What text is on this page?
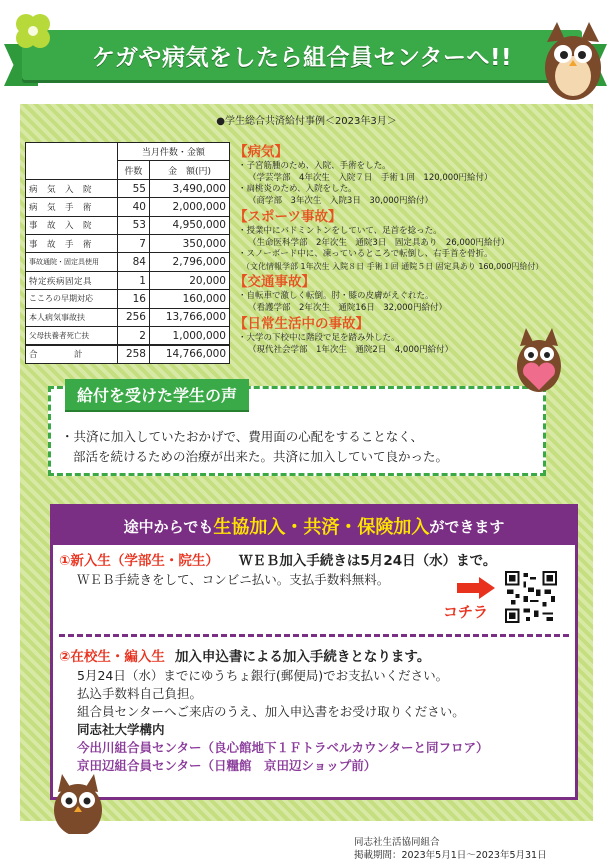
ケガや病気をしたら組合員センターへ!!
●学生総合共済給付事例＜2023年3月＞
	当月件数・金額	
	件数	金　額(円)
病　気　入　院	55	3,490,000
病　気　手　術	40	2,000,000
事　故　入　院	53	4,950,000
事　故　手　術	7	350,000
事故通院・固定具使用	84	2,796,000
特定疾病固定具	1	20,000
こころの早期対応	16	160,000
本人病気事故扶	256	13,766,000
父母扶養者死亡扶	2	1,000,000
合　　　　計	258	14,766,000
【病気】
・子宮筋腫のため、入院、手術をした。
（学芸学部　4年次生　入院７日　手術１回　120,000円給付）
・扁桃炎のため、入院をした。
（商学部　3年次生　入院3日　30,000円給付）
【スポーツ事故】
・授業中にバドミントンをしていて、足首を捻った。
（生命医科学部　2年次生　通院3日　固定具あり　26,000円給付）
・スノーボード中に、凍っているところで転倒し、右手首を骨折。
（文化情報学部 1年次生 入院８日 手術１回 通院５日 固定具あり 160,000円給付）
【交通事故】
・自転車で激しく転倒。肘・膝の皮膚がえぐれた。
（看護学部　2年次生　通院16日　32,000円給付）
【日常生活中の事故】
・大学の下校中に階段で足を踏み外した。
（現代社会学部　1年次生　通院2日　4,000円給付）
給付を受けた学生の声
・共済に加入していたおかげで、費用面の心配をすることなく、
部活を続けるための治療が出来た。共済に加入していて良かった。
途中からでも 生協加入・共済・保険加入 ができます
①新入生（学部生・院生） ＷＥＢ加入手続きは5月24日（水）まで。
ＷＥＢ手続きをして、コンビニ払い。支払手数料無料。
コチラ
②在校生・編入生 加入申込書による加入手続きとなります。
5月24日（水）までにゆうちょ銀行(郵便局)でお支払いください。
払込手数料自己負担。
組合員センターへご来店のうえ、加入申込書をお受け取りください。
同志社大学構内
今出川組合員センター（良心館地下１Ｆトラベルカウンターと同フロア）
京田辺組合員センター（日糧館　京田辺ショップ前）
同志社生活協同組合
掲載期間：2023年5月1日～2023年5月31日
